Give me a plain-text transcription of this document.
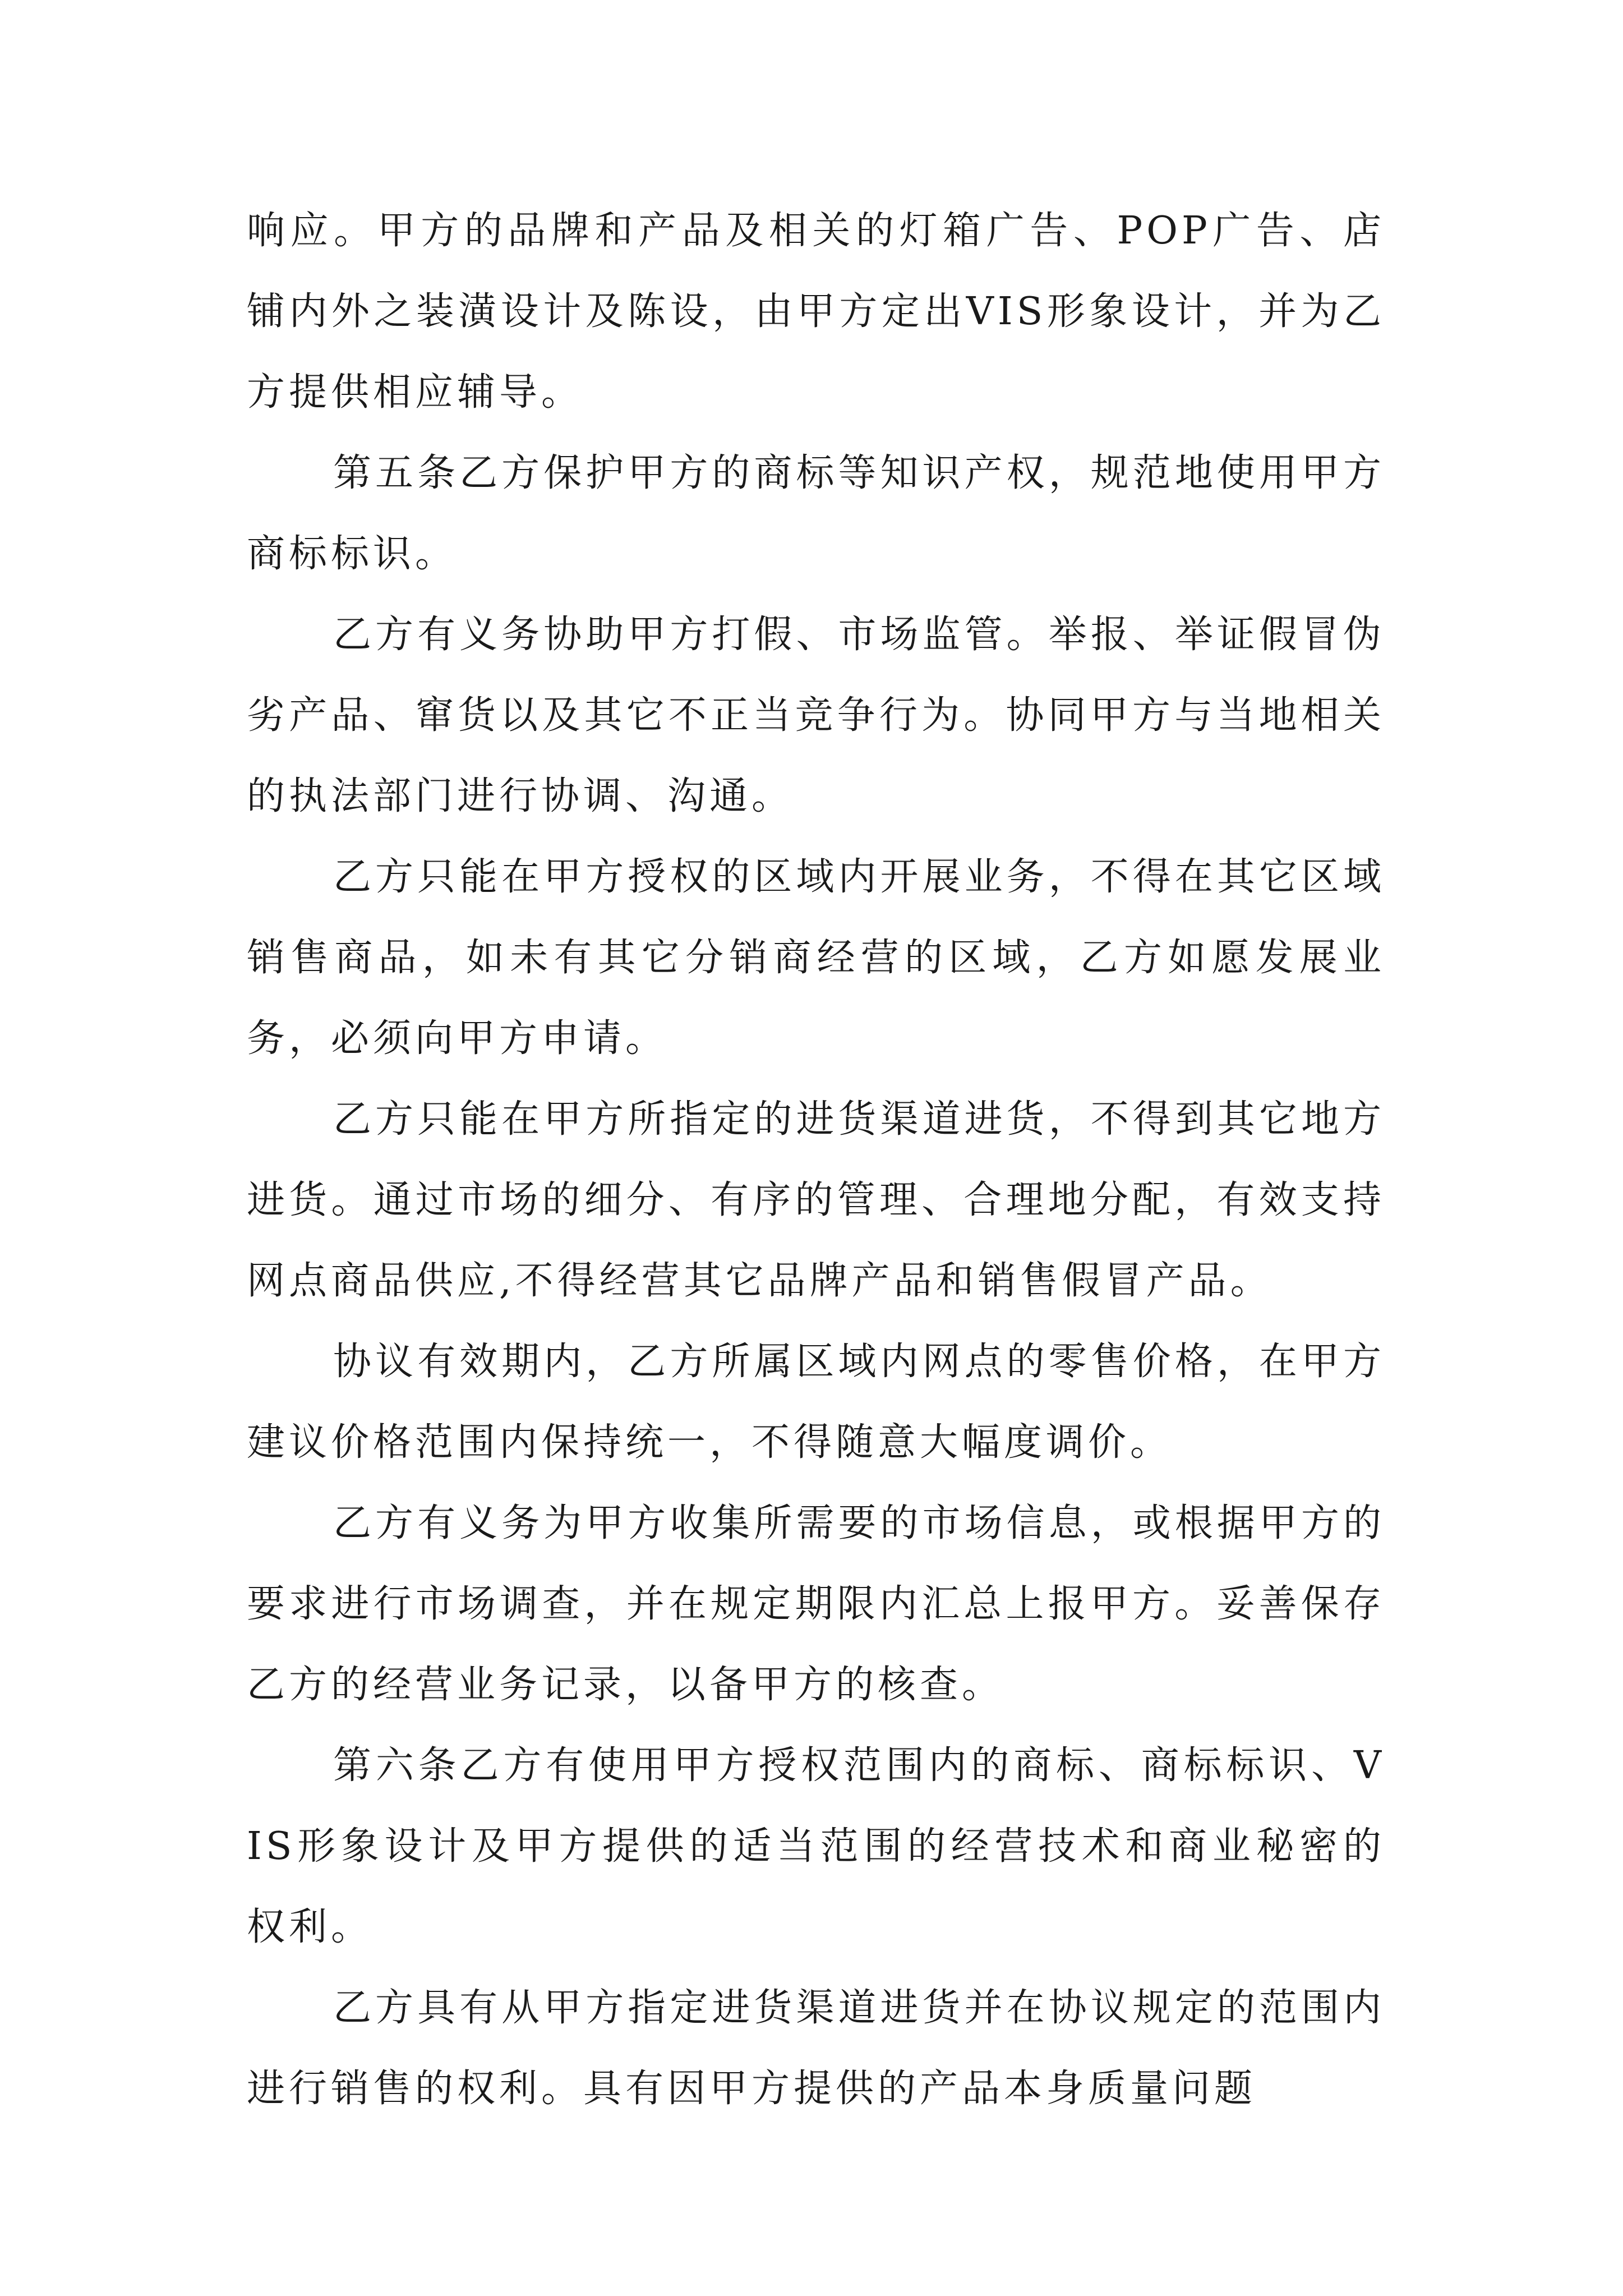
响应。甲方的品牌和产品及相关的灯箱广告、POP广告、店铺内外之装潢设计及陈设，由甲方定出VIS形象设计，并为乙方提供相应辅导。

第五条乙方保护甲方的商标等知识产权，规范地使用甲方商标标识。

乙方有义务协助甲方打假、市场监管。举报、举证假冒伪劣产品、窜货以及其它不正当竞争行为。协同甲方与当地相关的执法部门进行协调、沟通。

乙方只能在甲方授权的区域内开展业务，不得在其它区域销售商品，如未有其它分销商经营的区域，乙方如愿发展业务，必须向甲方申请。

乙方只能在甲方所指定的进货渠道进货，不得到其它地方进货。通过市场的细分、有序的管理、合理地分配，有效支持网点商品供应,不得经营其它品牌产品和销售假冒产品。

协议有效期内，乙方所属区域内网点的零售价格，在甲方建议价格范围内保持统一，不得随意大幅度调价。

乙方有义务为甲方收集所需要的市场信息，或根据甲方的要求进行市场调查，并在规定期限内汇总上报甲方。妥善保存乙方的经营业务记录，以备甲方的核查。

第六条乙方有使用甲方授权范围内的商标、商标标识、VIS形象设计及甲方提供的适当范围的经营技术和商业秘密的权利。

乙方具有从甲方指定进货渠道进货并在协议规定的范围内进行销售的权利。具有因甲方提供的产品本身质量问题
